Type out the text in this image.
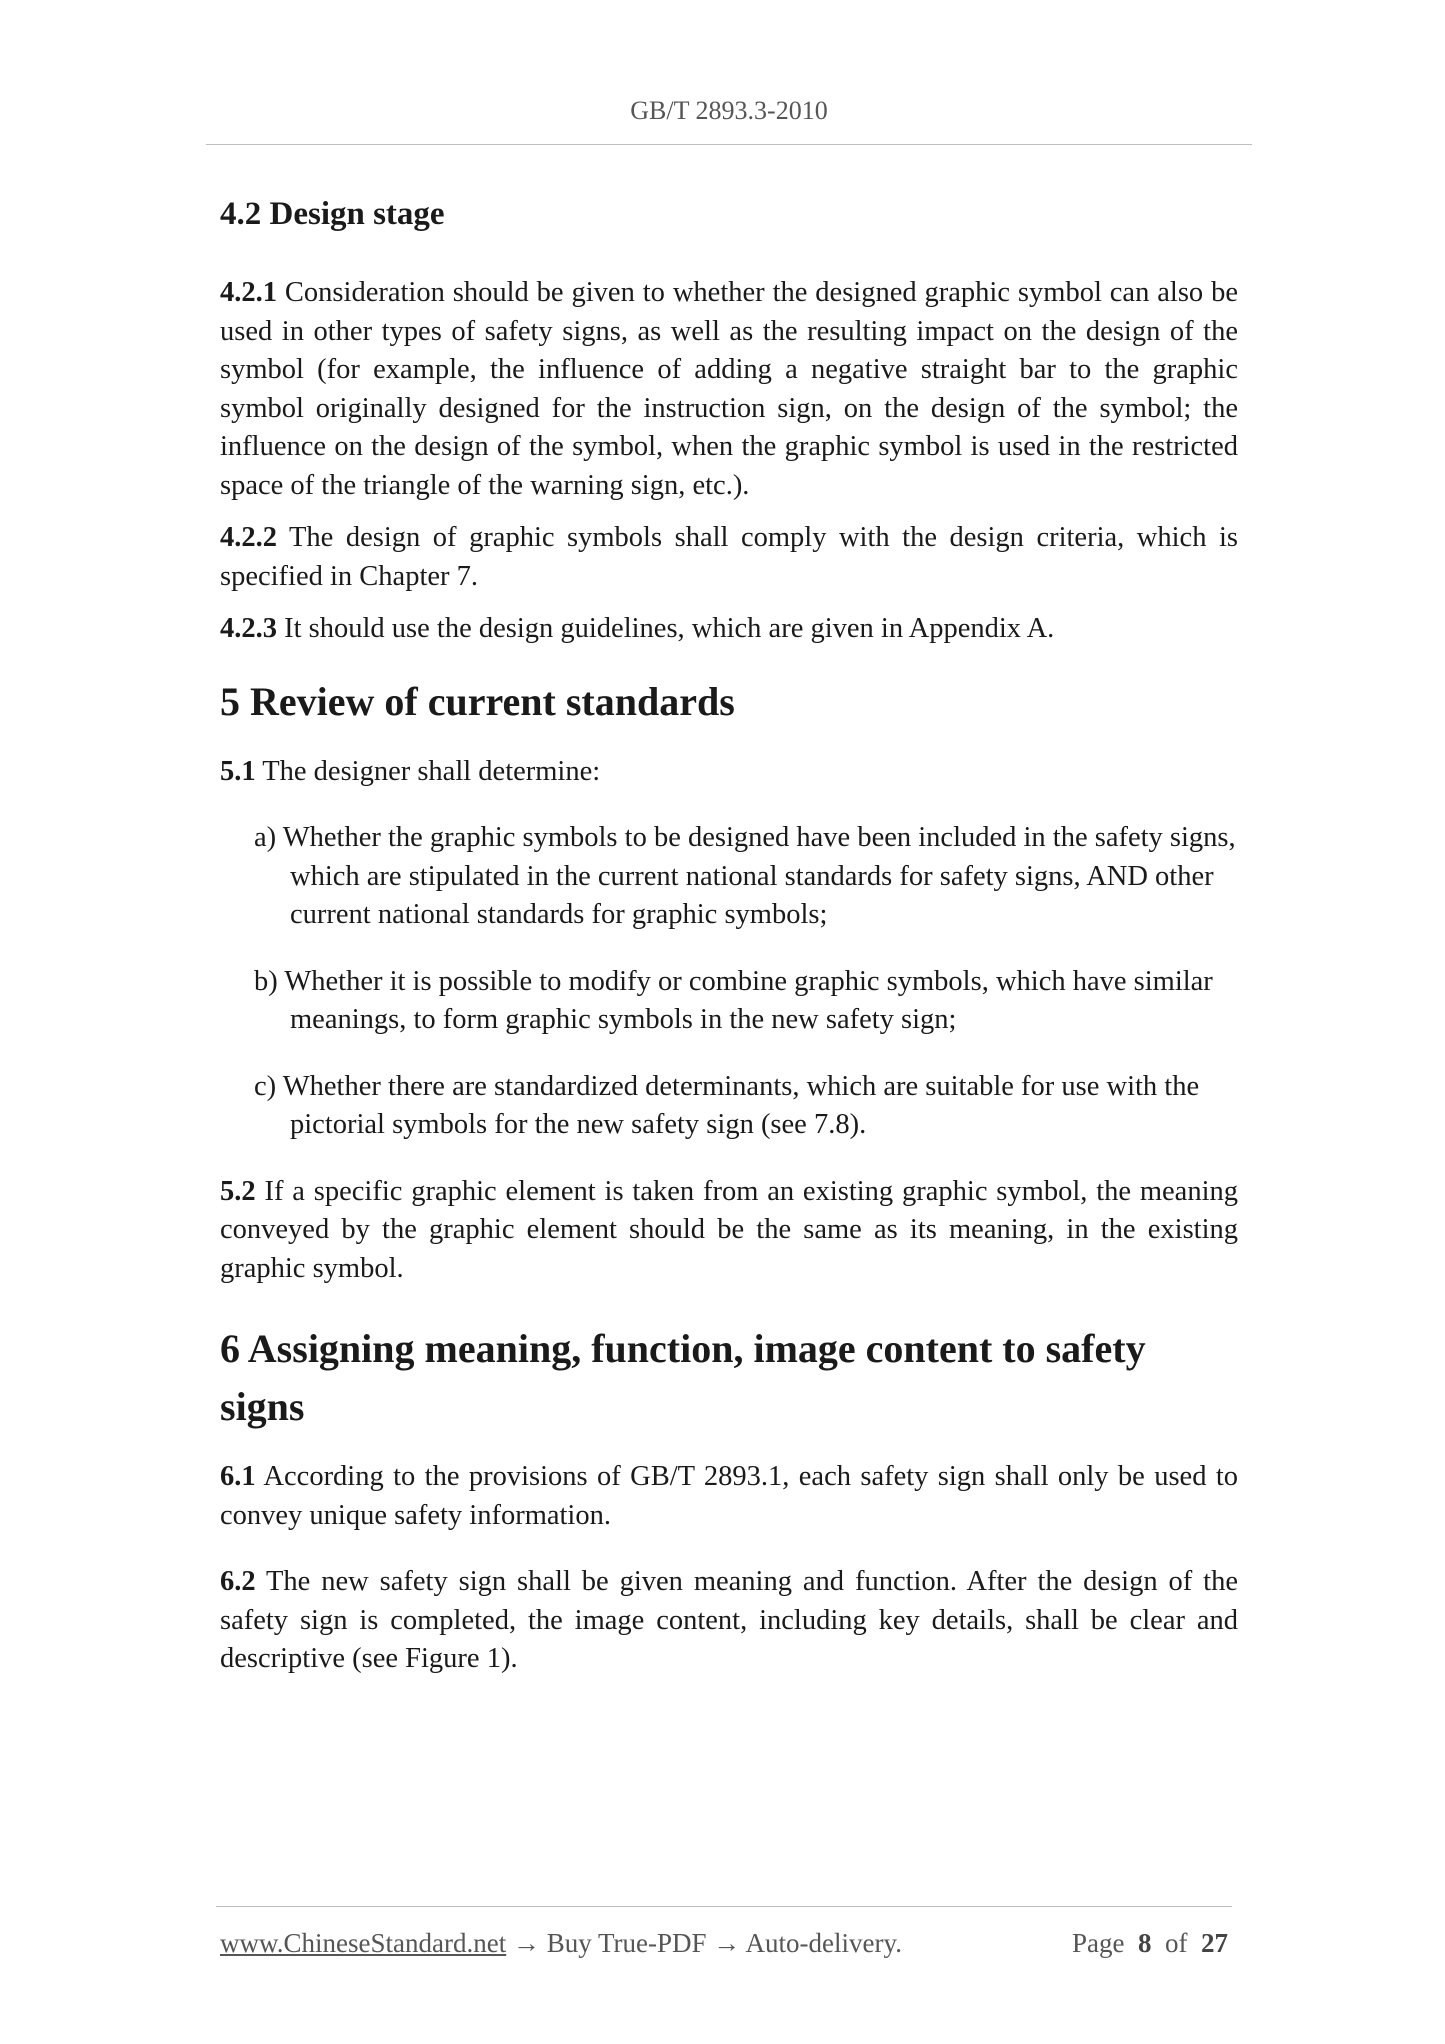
GB/T 2893.3-2010
4.2 Design stage

4.2.1 Consideration should be given to whether the designed graphic symbol can also be used in other types of safety signs, as well as the resulting impact on the design of the symbol (for example, the influence of adding a negative straight bar to the graphic symbol originally designed for the instruction sign, on the design of the symbol; the influence on the design of the symbol, when the graphic symbol is used in the restricted space of the triangle of the warning sign, etc.).

4.2.2 The design of graphic symbols shall comply with the design criteria, which is specified in Chapter 7.

4.2.3 It should use the design guidelines, which are given in Appendix A.

5 Review of current standards

5.1 The designer shall determine:

a) Whether the graphic symbols to be designed have been included in the safety signs, which are stipulated in the current national standards for safety signs, AND other current national standards for graphic symbols;
b) Whether it is possible to modify or combine graphic symbols, which have similar meanings, to form graphic symbols in the new safety sign;
c) Whether there are standardized determinants, which are suitable for use with the pictorial symbols for the new safety sign (see 7.8).

5.2 If a specific graphic element is taken from an existing graphic symbol, the meaning conveyed by the graphic element should be the same as its meaning, in the existing graphic symbol.

6 Assigning meaning, function, image content to safety signs

6.1 According to the provisions of GB/T 2893.1, each safety sign shall only be used to convey unique safety information.

6.2 The new safety sign shall be given meaning and function. After the design of the safety sign is completed, the image content, including key details, shall be clear and descriptive (see Figure 1).

www.ChineseStandard.net → Buy True-PDF → Auto-delivery.	Page 8 of 27
